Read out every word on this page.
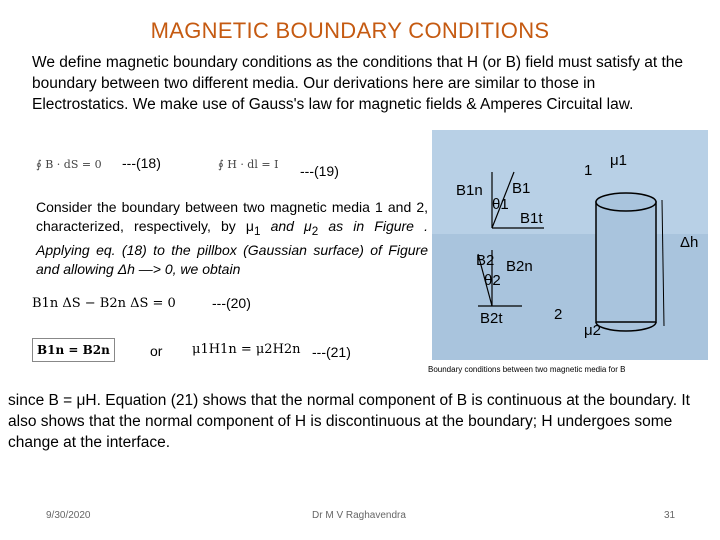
MAGNETIC BOUNDARY CONDITIONS
We define magnetic boundary conditions as the conditions that H (or B) field must satisfy at the boundary between two different media. Our derivations here are similar to those in Electrostatics. We make use of Gauss's law for magnetic fields & Amperes Circuital law.
∮ B · dS = 0 ---(18)	∮ H · dl = I ---(19)
Consider the boundary between two magnetic media 1 and 2, characterized, respectively, by $\mu_1$ and $\mu_2$ as in Figure . Applying eq. (18) to the pillbox (Gaussian surface) of Figure and allowing Δh —> 0, we obtain
B1n ΔS − B2n ΔS = 0	---(20)
B1n = B2n	or μ1H1n = μ2H2n ---(21)
1
μ1
B1n B1
θ1
B1t
Δh
B2 B2n
θ2
B2t	2
μ2
Boundary conditions between two magnetic media for B
since B = μH. Equation (21) shows that the normal component of B is continuous at the boundary. It also shows that the normal component of H is discontinuous at the boundary; H undergoes some change at the interface.
9/30/2020	Dr M V Raghavendra	31
